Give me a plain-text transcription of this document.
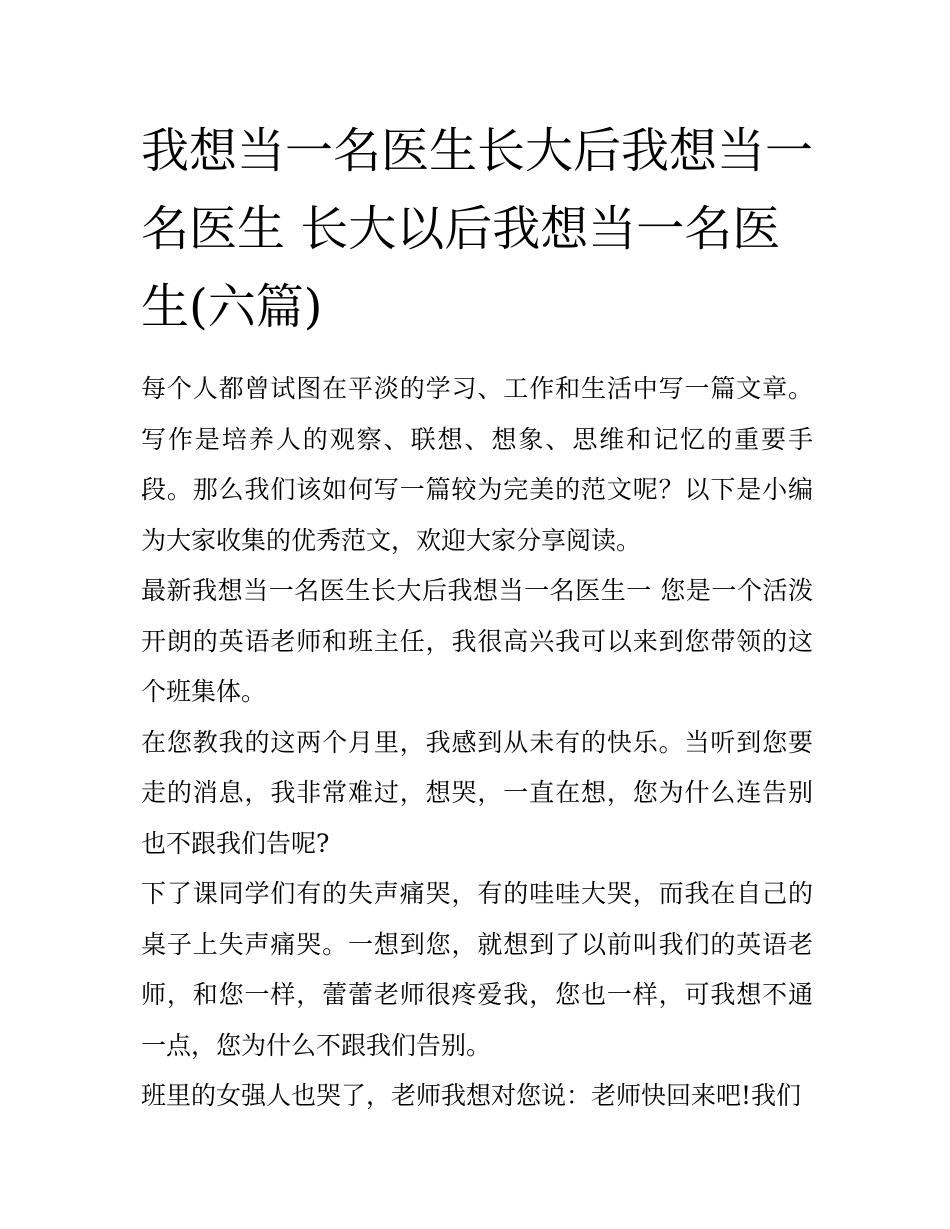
我想当一名医生长大后我想当一名医生 长大以后我想当一名医生(六篇)

每个人都曾试图在平淡的学习、工作和生活中写一篇文章。写作是培养人的观察、联想、想象、思维和记忆的重要手段。那么我们该如何写一篇较为完美的范文呢？以下是小编为大家收集的优秀范文，欢迎大家分享阅读。

最新我想当一名医生长大后我想当一名医生一 您是一个活泼开朗的英语老师和班主任，我很高兴我可以来到您带领的这个班集体。

在您教我的这两个月里，我感到从未有的快乐。当听到您要走的消息，我非常难过，想哭，一直在想，您为什么连告别也不跟我们告呢?

下了课同学们有的失声痛哭，有的哇哇大哭，而我在自己的桌子上失声痛哭。一想到您，就想到了以前叫我们的英语老师，和您一样，蕾蕾老师很疼爱我，您也一样，可我想不通一点，您为什么不跟我们告别。

班里的女强人也哭了，老师我想对您说：老师快回来吧!我们
